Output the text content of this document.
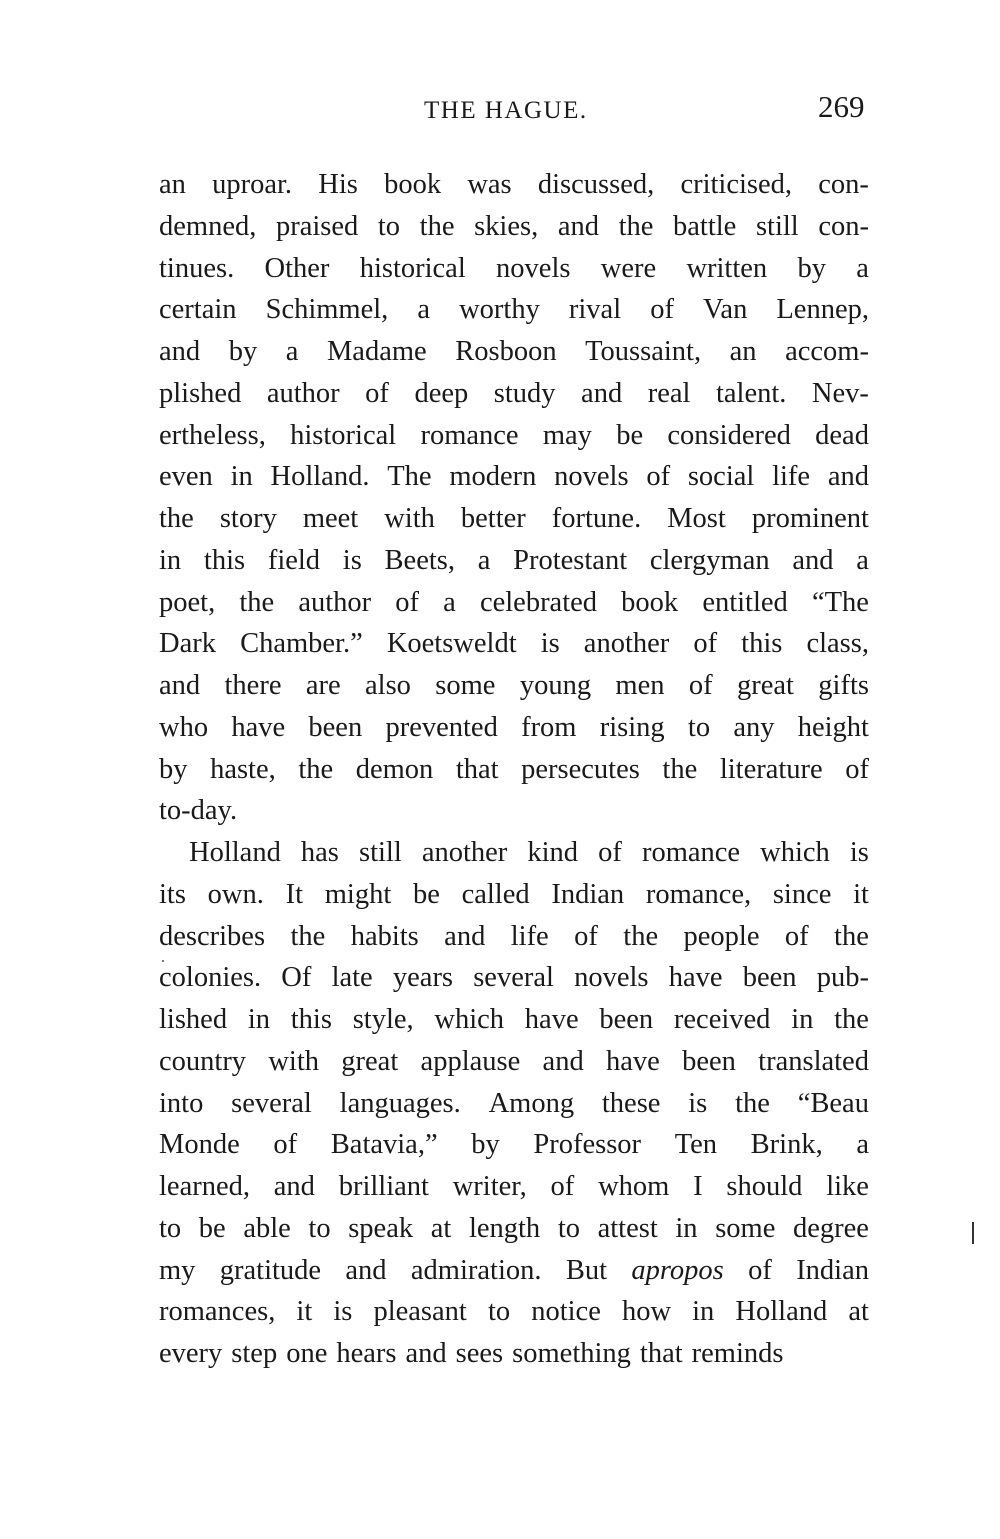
THE HAGUE.	269
an uproar. His book was discussed, criticised, con-
demned, praised to the skies, and the battle still con-
tinues. Other historical novels were written by a
certain Schimmel, a worthy rival of Van Lennep,
and by a Madame Rosboon Toussaint, an accom-
plished author of deep study and real talent. Nev-
ertheless, historical romance may be considered dead
even in Holland. The modern novels of social life and
the story meet with better fortune. Most prominent
in this field is Beets, a Protestant clergyman and a
poet, the author of a celebrated book entitled “The
Dark Chamber.” Koetsweldt is another of this class,
and there are also some young men of great gifts
who have been prevented from rising to any height
by haste, the demon that persecutes the literature of
to-day.
Holland has still another kind of romance which is
its own. It might be called Indian romance, since it
describes the habits and life of the people of the
colonies. Of late years several novels have been pub-
lished in this style, which have been received in the
country with great applause and have been translated
into several languages. Among these is the “Beau
Monde of Batavia,” by Professor Ten Brink, a
learned, and brilliant writer, of whom I should like
to be able to speak at length to attest in some degree
my gratitude and admiration. But apropos of Indian
romances, it is pleasant to notice how in Holland at
every step one hears and sees something that reminds
